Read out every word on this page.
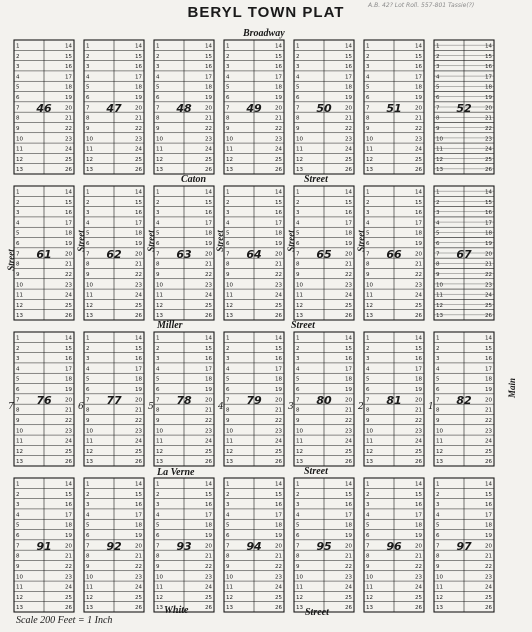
BERYL TOWN PLAT	A.B. 42? Lot Roll. 557-801 Tassie(?)
Broadway
Caton	Street
Miller	Street
La Verne	Street
White	Street
Street
Street	Street	Street	Street	Street
Main
1	14
2	15
3	16
4	17
5	18
6	19
7	20
8	21
9	22
10	23
11	24
12	25
13	26
46
1	14
2	15
3	16
4	17
5	18
6	19
7	20
8	21
9	22
10	23
11	24
12	25
13	26
47
1	14
2	15
3	16
4	17
5	18
6	19
7	20
8	21
9	22
10	23
11	24
12	25
13	26
48
1	14
2	15
3	16
4	17
5	18
6	19
7	20
8	21
9	22
10	23
11	24
12	25
13	26
49
1	14
2	15
3	16
4	17
5	18
6	19
7	20
8	21
9	22
10	23
11	24
12	25
13	26
50
1	14
2	15
3	16
4	17
5	18
6	19
7	20
8	21
9	22
10	23
11	24
12	25
13	26
51
1	14
2	15
3	16
4	17
5	18
6	19
7	20
8	21
9	22
10	23
11	24
12	25
13	26
52
1	14
2	15
3	16
4	17
5	18
6	19
7	20
8	21
9	22
10	23
11	24
12	25
13	26
61
1	14
2	15
3	16
4	17
5	18
6	19
7	20
8	21
9	22
10	23
11	24
12	25
13	26
62
1	14
2	15
3	16
4	17
5	18
6	19
7	20
8	21
9	22
10	23
11	24
12	25
13	26
63
1	14
2	15
3	16
4	17
5	18
6	19
7	20
8	21
9	22
10	23
11	24
12	25
13	26
64
1	14
2	15
3	16
4	17
5	18
6	19
7	20
8	21
9	22
10	23
11	24
12	25
13	26
65
1	14
2	15
3	16
4	17
5	18
6	19
7	20
8	21
9	22
10	23
11	24
12	25
13	26
66
1	14
2	15
3	16
4	17
5	18
6	19
7	20
8	21
9	22
10	23
11	24
12	25
13	26
67
1	14
2	15
3	16
4	17
5	18
6	19
7	20
8	21
9	22
10	23
11	24
12	25
13	26
76
1	14
2	15
3	16
4	17
5	18
6	19
7	20
8	21
9	22
10	23
11	24
12	25
13	26
77
1	14
2	15
3	16
4	17
5	18
6	19
7	20
8	21
9	22
10	23
11	24
12	25
13	26
78
1	14
2	15
3	16
4	17
5	18
6	19
7	20
8	21
9	22
10	23
11	24
12	25
13	26
79
1	14
2	15
3	16
4	17
5	18
6	19
7	20
8	21
9	22
10	23
11	24
12	25
13	26
80
1	14
2	15
3	16
4	17
5	18
6	19
7	20
8	21
9	22
10	23
11	24
12	25
13	26
81
1	14
2	15
3	16
4	17
5	18
6	19
7	20
8	21
9	22
10	23
11	24
12	25
13	26
82
1	14
2	15
3	16
4	17
5	18
6	19
7	20
8	21
9	22
10	23
11	24
12	25
13	26
91
1	14
2	15
3	16
4	17
5	18
6	19
7	20
8	21
9	22
10	23
11	24
12	25
13	26
92
1	14
2	15
3	16
4	17
5	18
6	19
7	20
8	21
9	22
10	23
11	24
12	25
13	26
93
1	14
2	15
3	16
4	17
5	18
6	19
7	20
8	21
9	22
10	23
11	24
12	25
13	26
94
1	14
2	15
3	16
4	17
5	18
6	19
7	20
8	21
9	22
10	23
11	24
12	25
13	26
95
1	14
2	15
3	16
4	17
5	18
6	19
7	20
8	21
9	22
10	23
11	24
12	25
13	26
96
1	14
2	15
3	16
4	17
5	18
6	19
7	20
8	21
9	22
10	23
11	24
12	25
13	26
97
7	6	5	4	3	2	1
Scale 200 Feet = 1 Inch
